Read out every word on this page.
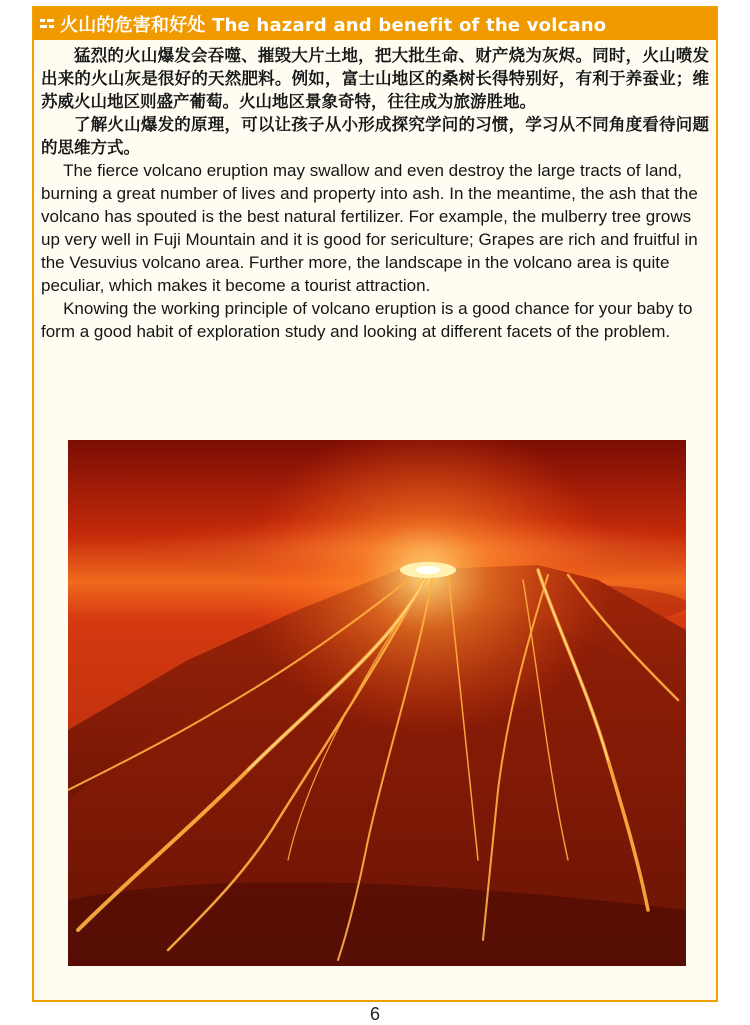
火山的危害和好处 The hazard and benefit of the volcano

猛烈的火山爆发会吞噬、摧毁大片土地，把大批生命、财产烧为灰烬。同时，火山喷发出来的火山灰是很好的天然肥料。例如，富士山地区的桑树长得特别好，有利于养蚕业；维苏威火山地区则盛产葡萄。火山地区景象奇特，往往成为旅游胜地。

了解火山爆发的原理，可以让孩子从小形成探究学问的习惯，学习从不同角度看待问题的思维方式。

The fierce volcano eruption may swallow and even destroy the large tracts of land, burning a great number of lives and property into ash. In the meantime, the ash that the volcano has spouted is the best natural fertilizer. For example, the mulberry tree grows up very well in Fuji Mountain and it is good for sericulture; Grapes are rich and fruitful in the Vesuvius volcano area. Further more, the landscape in the volcano area is quite peculiar, which makes it become a tourist attraction.

Knowing the working principle of volcano eruption is a good chance for your baby to form a good habit of exploration study and looking at different facets of the problem.

6
